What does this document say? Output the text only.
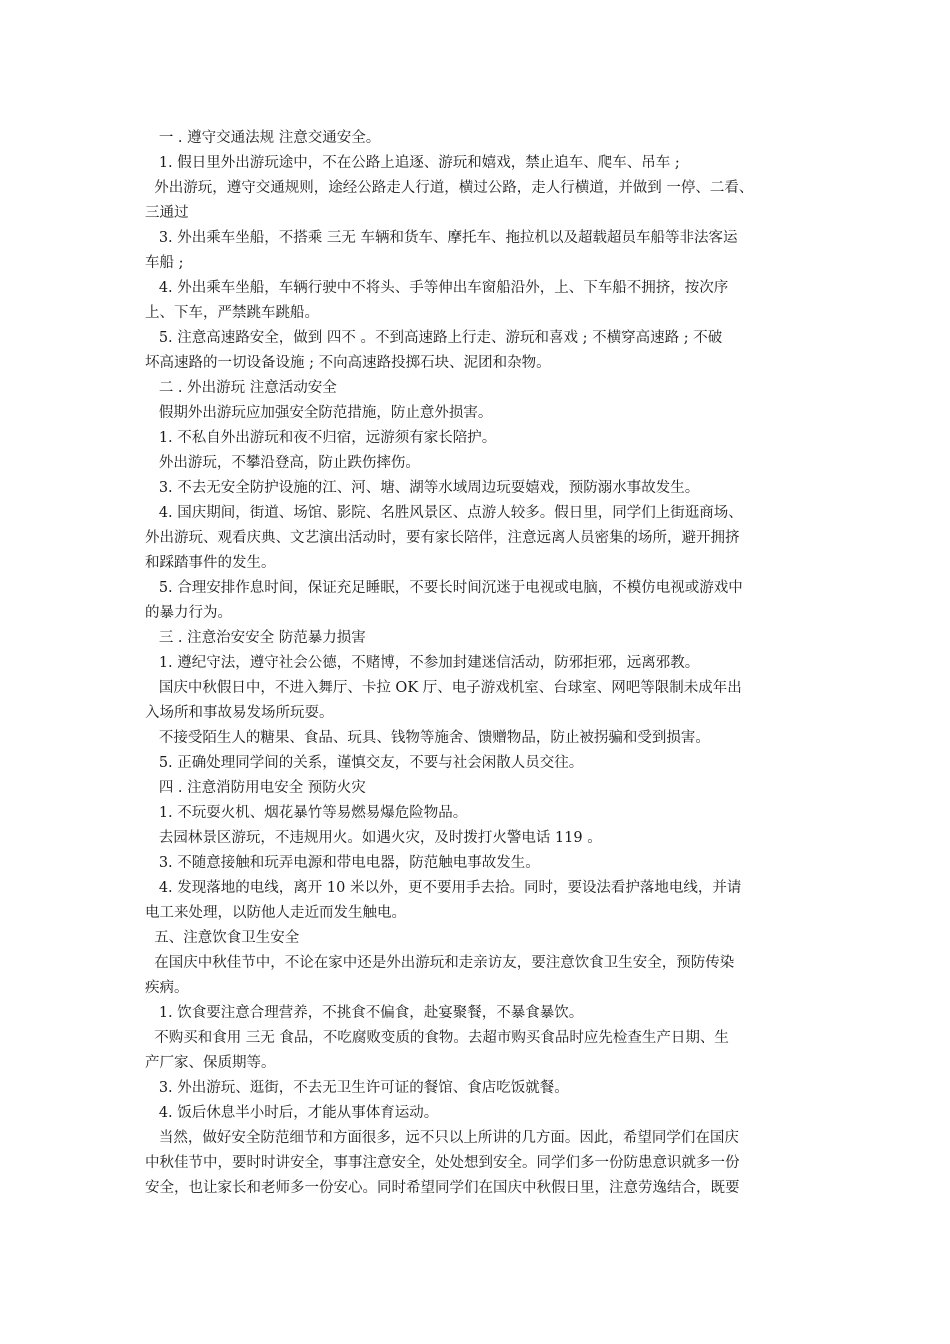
一 . 遵守交通法规 注意交通安全。
1. 假日里外出游玩途中，不在公路上追逐、游玩和嬉戏，禁止追车、爬车、吊车 ;
外出游玩，遵守交通规则，途经公路走人行道，横过公路，走人行横道，并做到 一停、二看、
三通过
3. 外出乘车坐船，不搭乘 三无 车辆和货车、摩托车、拖拉机以及超载超员车船等非法客运
车船 ;
4. 外出乘车坐船，车辆行驶中不将头、手等伸出车窗船沿外，上、下车船不拥挤，按次序
上、下车，严禁跳车跳船。
5. 注意高速路安全，做到 四不 。不到高速路上行走、游玩和喜戏 ; 不横穿高速路 ; 不破
坏高速路的一切设备设施 ; 不向高速路投掷石块、泥团和杂物。
二 . 外出游玩 注意活动安全
假期外出游玩应加强安全防范措施，防止意外损害。
1. 不私自外出游玩和夜不归宿，远游须有家长陪护。
外出游玩，不攀沿登高，防止跌伤摔伤。
3. 不去无安全防护设施的江、河、塘、湖等水域周边玩耍嬉戏，预防溺水事故发生。
4. 国庆期间，街道、场馆、影院、名胜风景区、点游人较多。假日里，同学们上街逛商场、
外出游玩、观看庆典、文艺演出活动时，要有家长陪伴，注意远离人员密集的场所，避开拥挤
和踩踏事件的发生。
5. 合理安排作息时间，保证充足睡眠，不要长时间沉迷于电视或电脑，不模仿电视或游戏中
的暴力行为。
三 . 注意治安安全 防范暴力损害
1. 遵纪守法，遵守社会公德，不赌博，不参加封建迷信活动，防邪拒邪，远离邪教。
国庆中秋假日中，不进入舞厅、卡拉 OK 厅、电子游戏机室、台球室、网吧等限制未成年出
入场所和事故易发场所玩耍。
不接受陌生人的糖果、食品、玩具、钱物等施舍、馈赠物品，防止被拐骗和受到损害。
5. 正确处理同学间的关系，谨慎交友，不要与社会闲散人员交往。
四 . 注意消防用电安全 预防火灾
1. 不玩耍火机、烟花暴竹等易燃易爆危险物品。
去园林景区游玩，不违规用火。如遇火灾，及时拨打火警电话 119 。
3. 不随意接触和玩弄电源和带电电器，防范触电事故发生。
4. 发现落地的电线，离开 10 米以外，更不要用手去拾。同时，要设法看护落地电线，并请
电工来处理，以防他人走近而发生触电。
五、注意饮食卫生安全
在国庆中秋佳节中，不论在家中还是外出游玩和走亲访友，要注意饮食卫生安全，预防传染
疾病。
1. 饮食要注意合理营养，不挑食不偏食，赴宴聚餐，不暴食暴饮。
不购买和食用 三无 食品，不吃腐败变质的食物。去超市购买食品时应先检查生产日期、生
产厂家、保质期等。
3. 外出游玩、逛街，不去无卫生许可证的餐馆、食店吃饭就餐。
4. 饭后休息半小时后，才能从事体育运动。
当然，做好安全防范细节和方面很多，远不只以上所讲的几方面。因此，希望同学们在国庆
中秋佳节中，要时时讲安全，事事注意安全，处处想到安全。同学们多一份防患意识就多一份
安全，也让家长和老师多一份安心。同时希望同学们在国庆中秋假日里，注意劳逸结合，既要
